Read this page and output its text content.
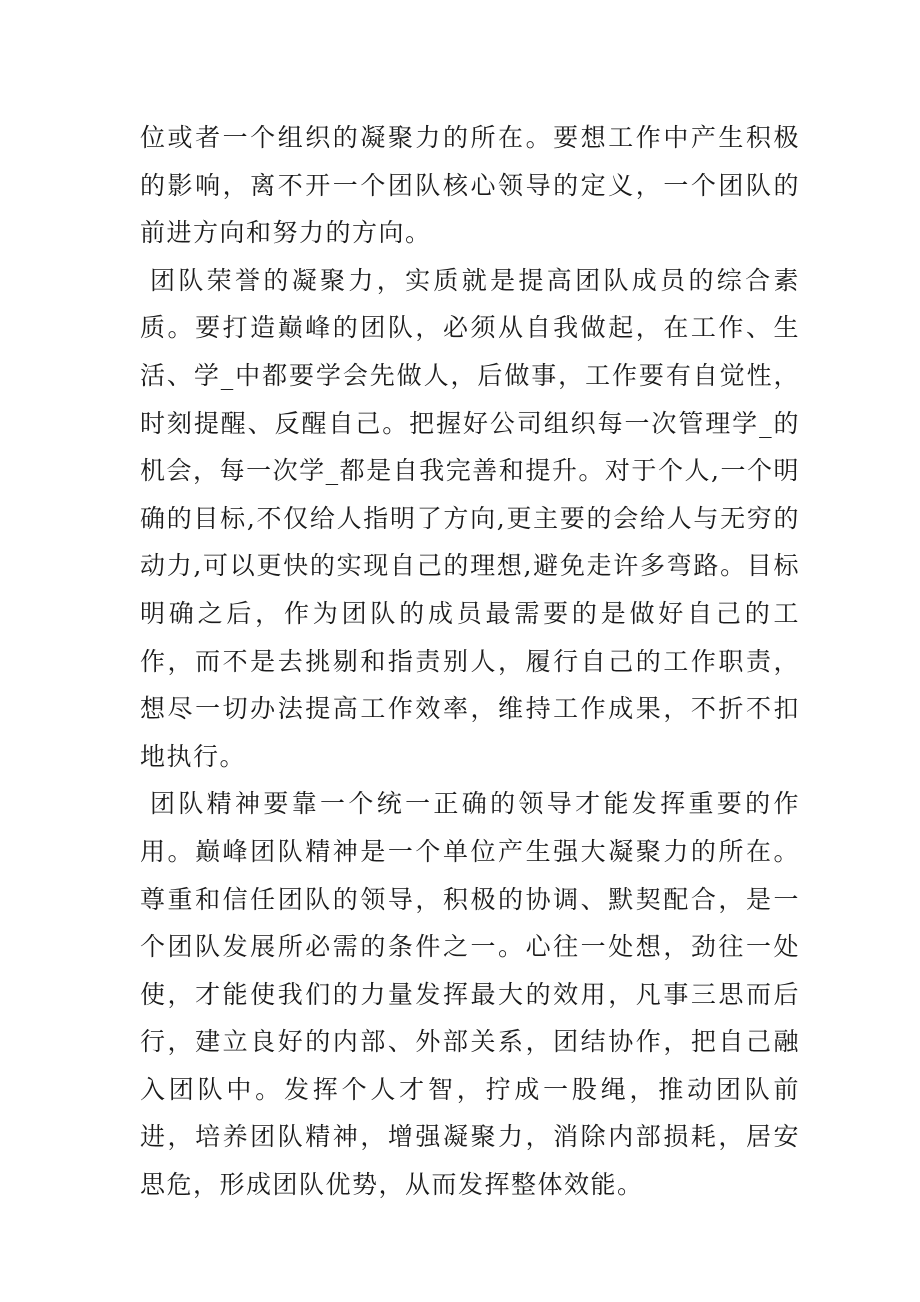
位或者一个组织的凝聚力的所在。要想工作中产生积极的影响，离不开一个团队核心领导的定义，一个团队的前进方向和努力的方向。

团队荣誉的凝聚力，实质就是提高团队成员的综合素质。要打造巅峰的团队，必须从自我做起，在工作、生活、学_中都要学会先做人，后做事，工作要有自觉性，时刻提醒、反醒自己。把握好公司组织每一次管理学_的机会，每一次学_都是自我完善和提升。对于个人,一个明确的目标,不仅给人指明了方向,更主要的会给人与无穷的动力,可以更快的实现自己的理想,避免走许多弯路。目标明确之后，作为团队的成员最需要的是做好自己的工作，而不是去挑剔和指责别人，履行自己的工作职责，想尽一切办法提高工作效率，维持工作成果，不折不扣地执行。

团队精神要靠一个统一正确的领导才能发挥重要的作用。巅峰团队精神是一个单位产生强大凝聚力的所在。尊重和信任团队的领导，积极的协调、默契配合，是一个团队发展所必需的条件之一。心往一处想，劲往一处使，才能使我们的力量发挥最大的效用，凡事三思而后行，建立良好的内部、外部关系，团结协作，把自己融入团队中。发挥个人才智，拧成一股绳，推动团队前进，培养团队精神，增强凝聚力，消除内部损耗，居安思危，形成团队优势，从而发挥整体效能。
